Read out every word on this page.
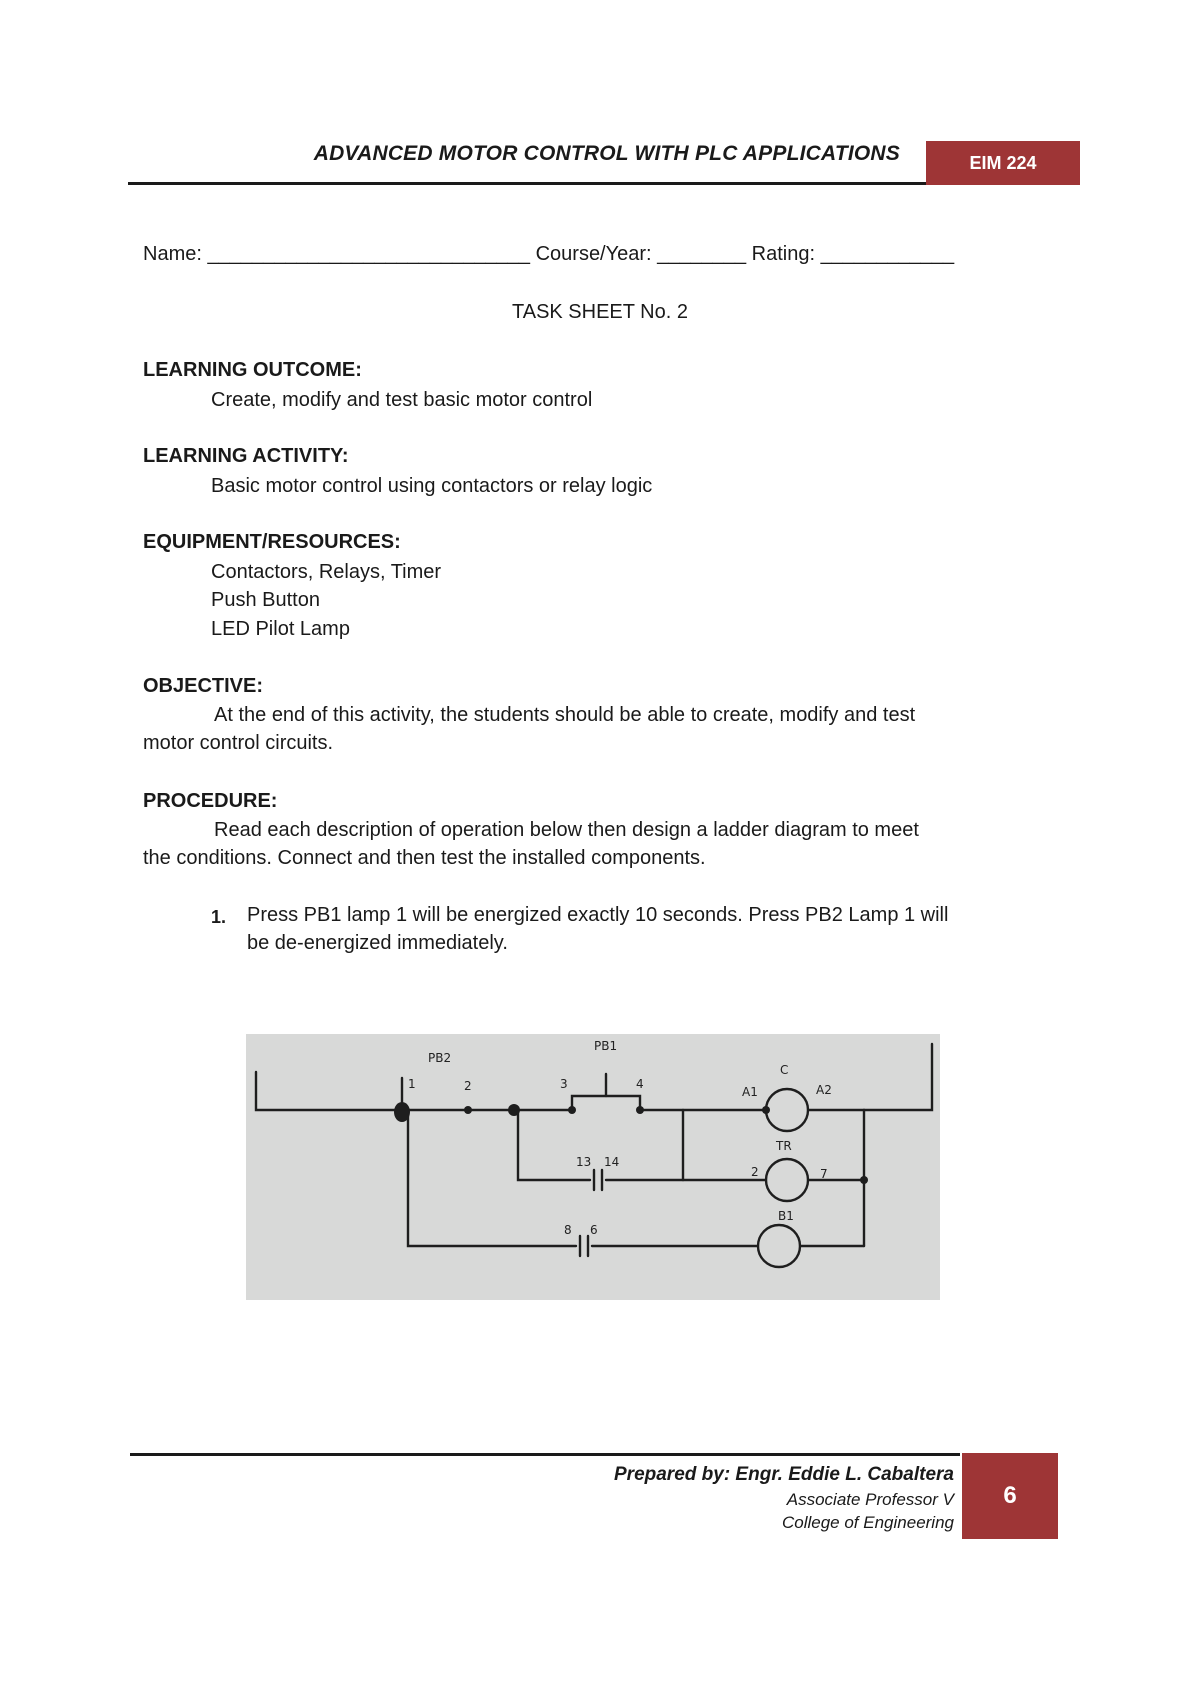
ADVANCED MOTOR CONTROL WITH PLC APPLICATIONS	EIM 224
Name: _____________________________ Course/Year: ________ Rating: ____________
TASK SHEET No. 2
LEARNING OUTCOME:
Create, modify and test basic motor control
LEARNING ACTIVITY:
Basic motor control using contactors or relay logic
EQUIPMENT/RESOURCES:
Contactors, Relays, Timer
Push Button
LED Pilot Lamp
OBJECTIVE:
At the end of this activity, the students should be able to create, modify and test
motor control circuits.
PROCEDURE:
Read each description of operation below then design a ladder diagram to meet
the conditions. Connect and then test the installed components.
1. Press PB1 lamp 1 will be energized exactly 10 seconds. Press PB2 Lamp 1 will
be de-energized immediately.
PB2
PB1
1	2	3	4
C
A1	A2
TR
2	7
13 14
8 6
B1
6
Prepared by: Engr. Eddie L. Cabaltera
Associate Professor V
College of Engineering
